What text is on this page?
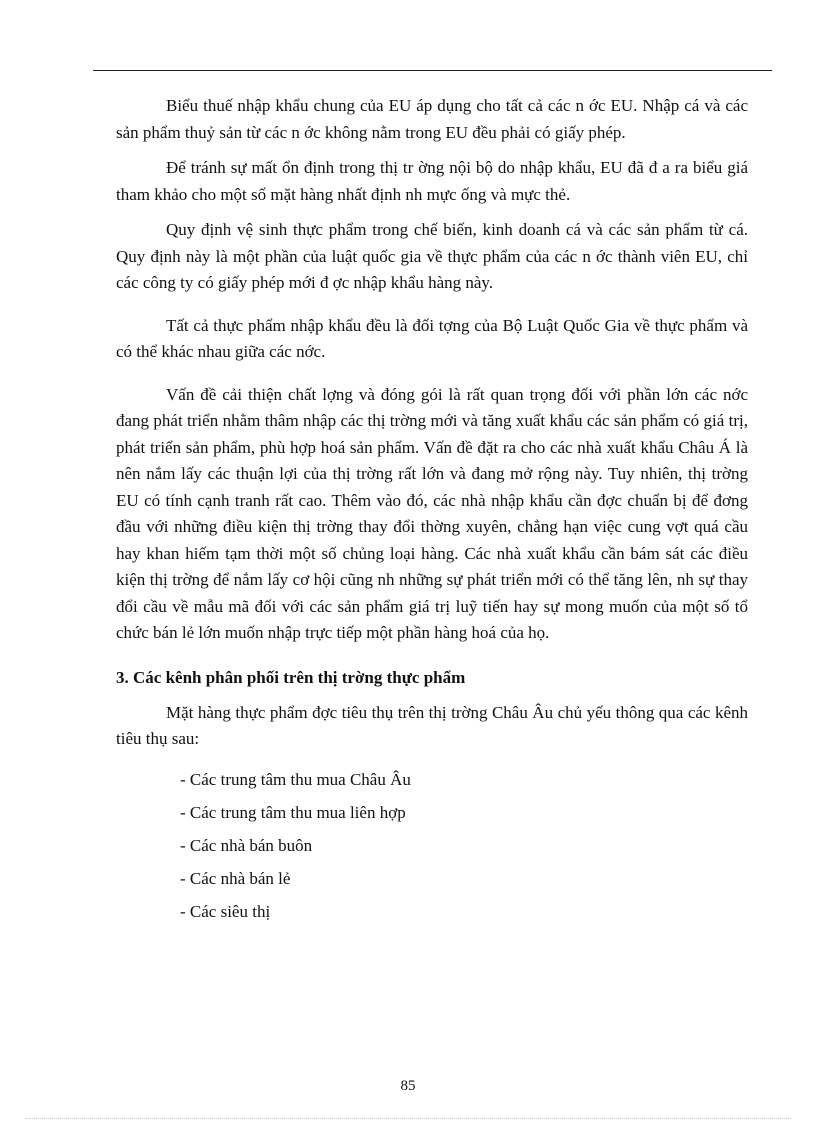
Biểu thuế nhập khẩu chung của EU áp dụng cho tất cả các n ớc EU. Nhập cá và các sản phẩm thuỷ sản từ các n ớc không nằm trong EU đều phải có giấy phép.

Để tránh sự mất ổn định trong thị tr ờng nội bộ do nhập khẩu, EU đã đ a ra biểu giá tham khảo cho một số mặt hàng nhất định nh mực ống và mực thẻ.

Quy định vệ sinh thực phẩm trong chế biến, kinh doanh cá và các sản phẩm từ cá. Quy định này là một phần của luật quốc gia về thực phẩm của các n ớc thành viên EU, chỉ các công ty có giấy phép mới đ ợc nhập khẩu hàng này.

Tất cả thực phẩm nhập khẩu đều là đối tợng của Bộ Luật Quốc Gia về thực phẩm và có thể khác nhau giữa các nớc.

Vấn đề cải thiện chất lợng và đóng gói là rất quan trọng đối với phần lớn các nớc đang phát triển nhằm thâm nhập các thị trờng mới và tăng xuất khẩu các sản phẩm có giá trị, phát triển sản phẩm, phù hợp hoá sản phẩm. Vấn đề đặt ra cho các nhà xuất khẩu Châu Á là nên nắm lấy các thuận lợi của thị trờng rất lớn và đang mở rộng này. Tuy nhiên, thị trờng EU có tính cạnh tranh rất cao. Thêm vào đó, các nhà nhập khẩu cần đợc chuẩn bị để đơng đầu với những điều kiện thị trờng thay đổi thờng xuyên, chẳng hạn việc cung vợt quá cầu hay khan hiếm tạm thời một số chủng loại hàng. Các nhà xuất khẩu cần bám sát các điều kiện thị trờng để nắm lấy cơ hội cũng nh những sự phát triển mới có thể tăng lên, nh sự thay đổi cầu về mẫu mã đối với các sản phẩm giá trị luỹ tiến hay sự mong muốn của một số tổ chức bán lẻ lớn muốn nhập trực tiếp một phần hàng hoá của họ.

3. Các kênh phân phối trên thị trờng thực phẩm

Mặt hàng thực phẩm đợc tiêu thụ trên thị trờng Châu Âu chủ yếu thông qua các kênh tiêu thụ sau:

- Các trung tâm thu mua Châu Âu
- Các trung tâm thu mua liên hợp
- Các nhà bán buôn
- Các nhà bán lẻ
- Các siêu thị
85
